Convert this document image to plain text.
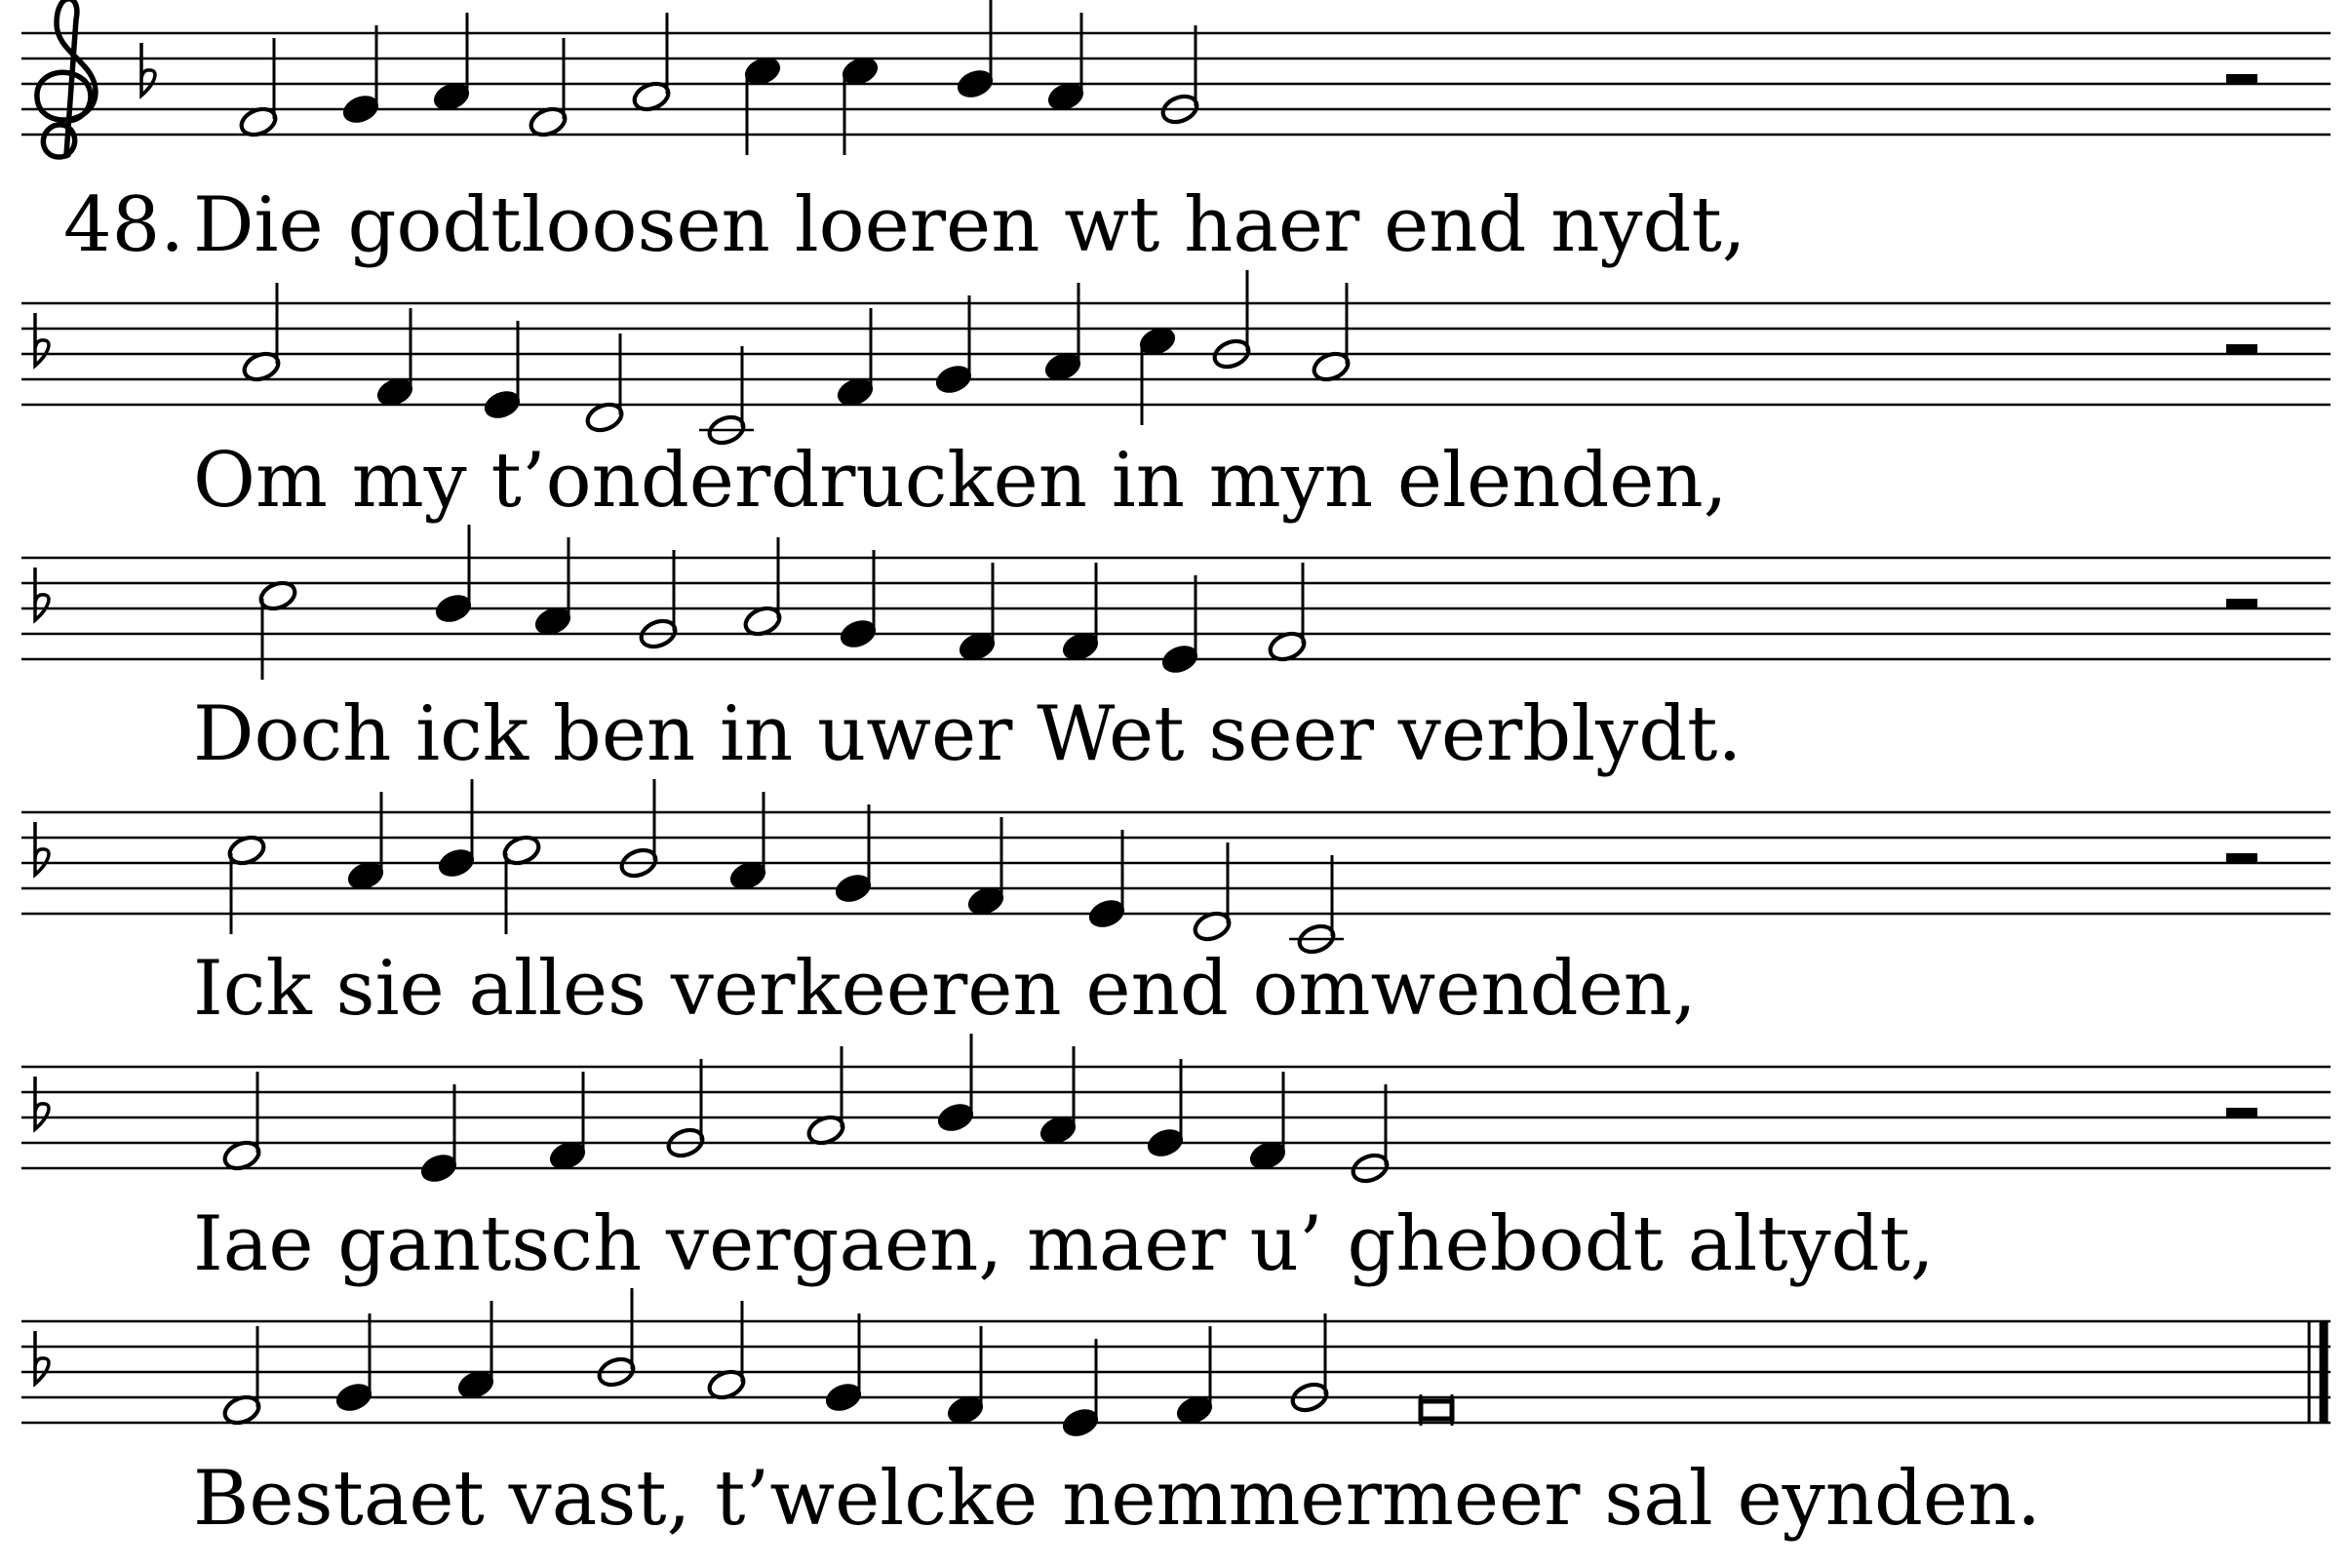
48. Die godtloosen loeren wt haer end nydt,
Om my t’onderdrucken in myn elenden,
Doch ick ben in uwer Wet seer verblydt.
Ick sie alles verkeeren end omwenden,
Iae gantsch vergaen, maer u’ ghebodt altydt,
Bestaet vast, t’welcke nemmermeer sal eynden.
